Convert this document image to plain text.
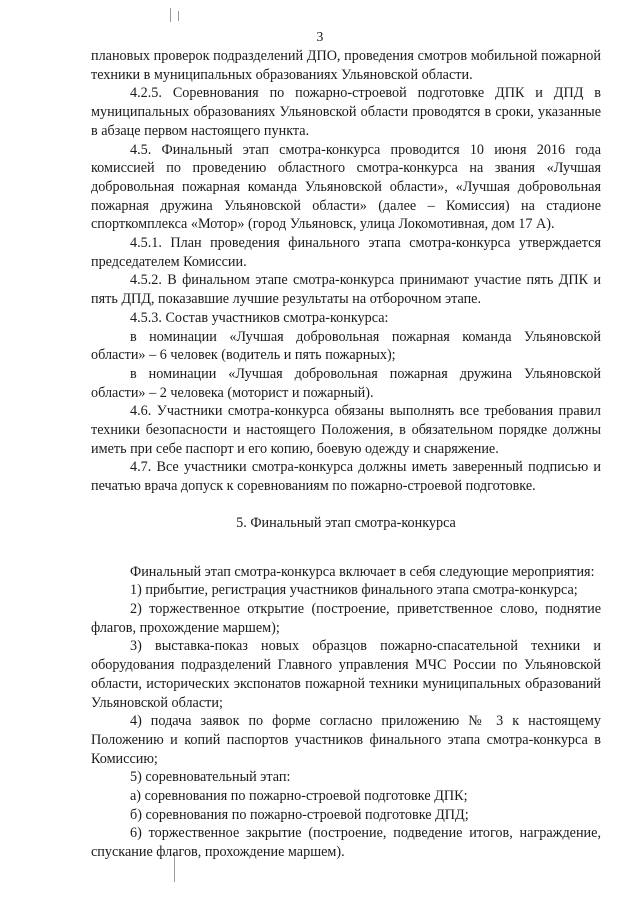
3

плановых проверок подразделений ДПО, проведения смотров мобильной пожарной техники в муниципальных образованиях Ульяновской области.

4.2.5. Соревнования по пожарно-строевой подготовке ДПК и ДПД в муниципальных образованиях Ульяновской области проводятся в сроки, указанные в абзаце первом настоящего пункта.

4.5. Финальный этап смотра-конкурса проводится 10 июня 2016 года комиссией по проведению областного смотра-конкурса на звания «Лучшая добровольная пожарная команда Ульяновской области», «Лучшая добровольная пожарная дружина Ульяновской области» (далее – Комиссия) на стадионе спорткомплекса «Мотор» (город Ульяновск, улица Локомотивная, дом 17 А).

4.5.1. План проведения финального этапа смотра-конкурса утверждается председателем Комиссии.

4.5.2. В финальном этапе смотра-конкурса принимают участие пять ДПК и пять ДПД, показавшие лучшие результаты на отборочном этапе.

4.5.3. Состав участников смотра-конкурса:

в номинации «Лучшая добровольная пожарная команда Ульяновской области» – 6 человек (водитель и пять пожарных);

в номинации «Лучшая добровольная пожарная дружина Ульяновской области» – 2 человека (моторист и пожарный).

4.6. Участники смотра-конкурса обязаны выполнять все требования правил техники безопасности и настоящего Положения, в обязательном порядке должны иметь при себе паспорт и его копию, боевую одежду и снаряжение.

4.7. Все участники смотра-конкурса должны иметь заверенный подписью и печатью врача допуск к соревнованиям по пожарно-строевой подготовке.

5. Финальный этап смотра-конкурса

Финальный этап смотра-конкурса включает в себя следующие мероприятия:

1) прибытие, регистрация участников финального этапа смотра-конкурса;

2) торжественное открытие (построение, приветственное слово, поднятие флагов, прохождение маршем);

3) выставка-показ новых образцов пожарно-спасательной техники и оборудования подразделений Главного управления МЧС России по Ульяновской области, исторических экспонатов пожарной техники муниципальных образований Ульяновской области;

4) подача заявок по форме согласно приложению № 3 к настоящему Положению и копий паспортов участников финального этапа смотра-конкурса в Комиссию;

5) соревновательный этап:

а) соревнования по пожарно-строевой подготовке ДПК;

б) соревнования по пожарно-строевой подготовке ДПД;

6) торжественное закрытие (построение, подведение итогов, награждение, спускание флагов, прохождение маршем).
